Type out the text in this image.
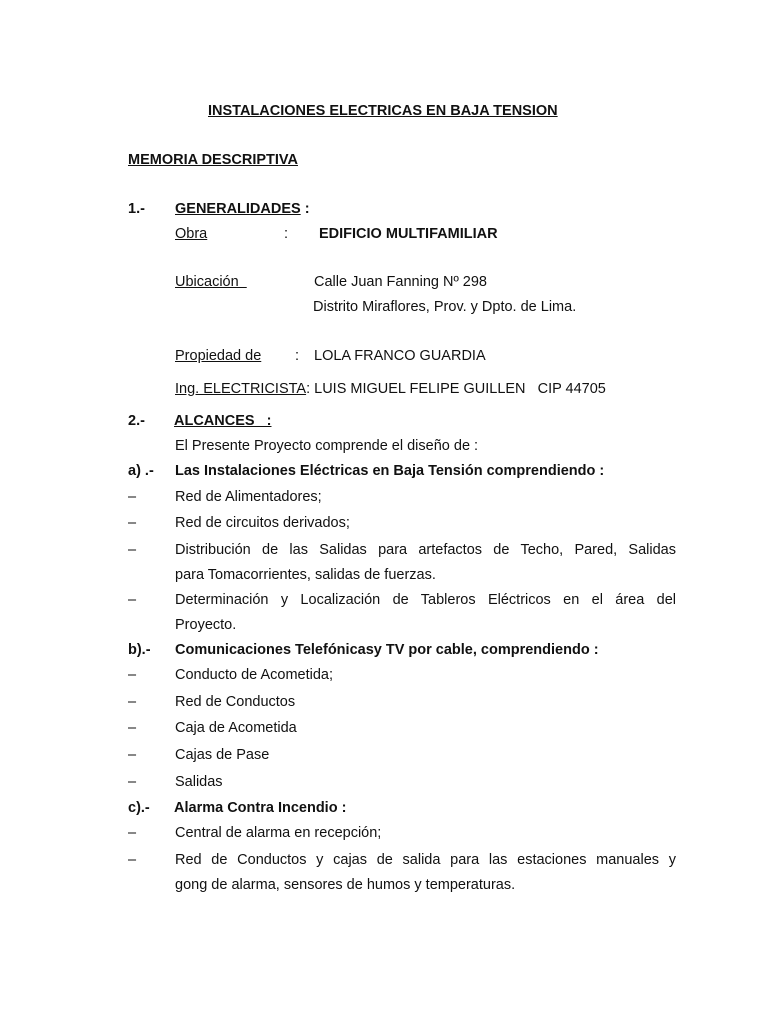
INSTALACIONES ELECTRICAS EN BAJA TENSION
MEMORIA DESCRIPTIVA
1.- GENERALIDADES :
Obra	: EDIFICIO MULTIFAMILIAR
Ubicación	Calle Juan Fanning Nº 298
Distrito Miraflores, Prov. y Dpto. de Lima.
Propiedad de : LOLA FRANCO GUARDIA
Ing. ELECTRICISTA: LUIS MIGUEL FELIPE GUILLEN   CIP 44705
2.- ALCANCES   :
El Presente Proyecto comprende el diseño de :
a) .- Las Instalaciones Eléctricas en Baja Tensión comprendiendo :
–	Red de Alimentadores;
–	Red de circuitos derivados;
–	Distribución de las Salidas para artefactos de Techo, Pared, Salidas
para Tomacorrientes, salidas de fuerzas.
–	Determinación y Localización de Tableros Eléctricos en el área del
Proyecto.
b).- Comunicaciones Telefónicasy TV por cable, comprendiendo :
–	Conducto de Acometida;
–	Red de Conductos
–	Caja de Acometida
–	Cajas de Pase
–	Salidas
c).- Alarma Contra Incendio :
–	Central de alarma en recepción;
–	Red de Conductos y cajas de salida para las estaciones manuales y
gong de alarma, sensores de humos y temperaturas.
